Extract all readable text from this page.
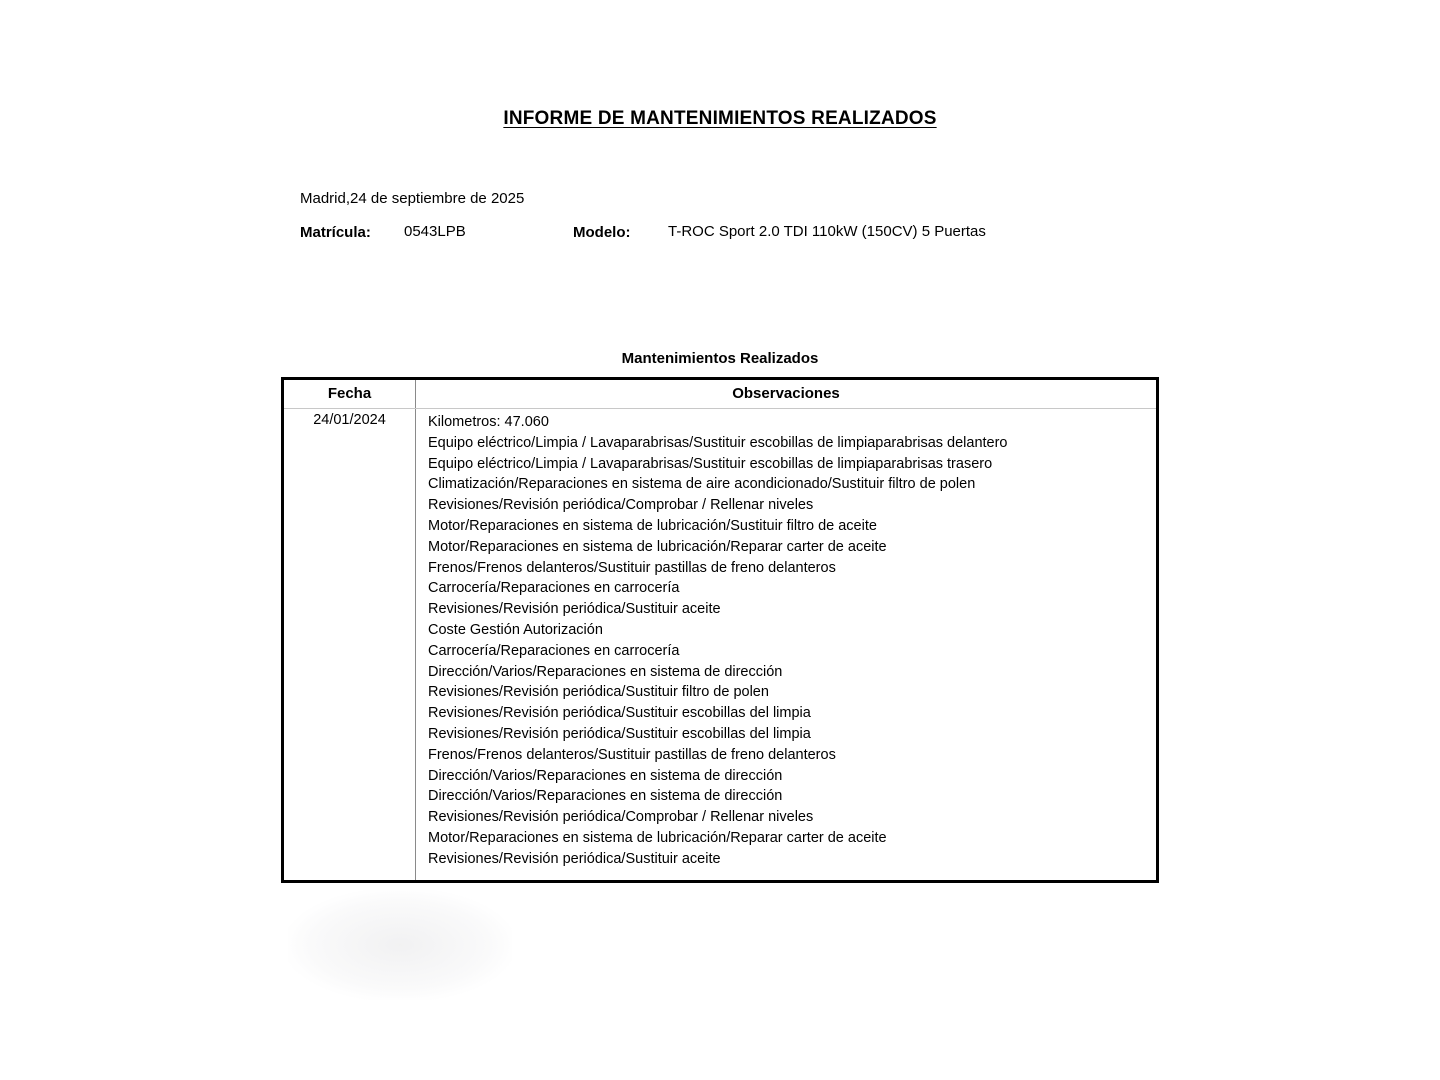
INFORME DE MANTENIMIENTOS REALIZADOS
Madrid,24 de septiembre de 2025
Matrícula: 0543LPB	Modelo:	T-ROC Sport 2.0 TDI 110kW (150CV) 5 Puertas
Mantenimientos Realizados
Fecha	Observaciones
24/01/2024	Kilometros: 47.060
Equipo eléctrico/Limpia / Lavaparabrisas/Sustituir escobillas de limpiaparabrisas delantero
Equipo eléctrico/Limpia / Lavaparabrisas/Sustituir escobillas de limpiaparabrisas trasero
Climatización/Reparaciones en sistema de aire acondicionado/Sustituir filtro de polen
Revisiones/Revisión periódica/Comprobar / Rellenar niveles
Motor/Reparaciones en sistema de lubricación/Sustituir filtro de aceite
Motor/Reparaciones en sistema de lubricación/Reparar carter de aceite
Frenos/Frenos delanteros/Sustituir pastillas de freno delanteros
Carrocería/Reparaciones en carrocería
Revisiones/Revisión periódica/Sustituir aceite
Coste Gestión Autorización
Carrocería/Reparaciones en carrocería
Dirección/Varios/Reparaciones en sistema de dirección
Revisiones/Revisión periódica/Sustituir filtro de polen
Revisiones/Revisión periódica/Sustituir escobillas del limpia
Revisiones/Revisión periódica/Sustituir escobillas del limpia
Frenos/Frenos delanteros/Sustituir pastillas de freno delanteros
Dirección/Varios/Reparaciones en sistema de dirección
Dirección/Varios/Reparaciones en sistema de dirección
Revisiones/Revisión periódica/Comprobar / Rellenar niveles
Motor/Reparaciones en sistema de lubricación/Reparar carter de aceite
Revisiones/Revisión periódica/Sustituir aceite
